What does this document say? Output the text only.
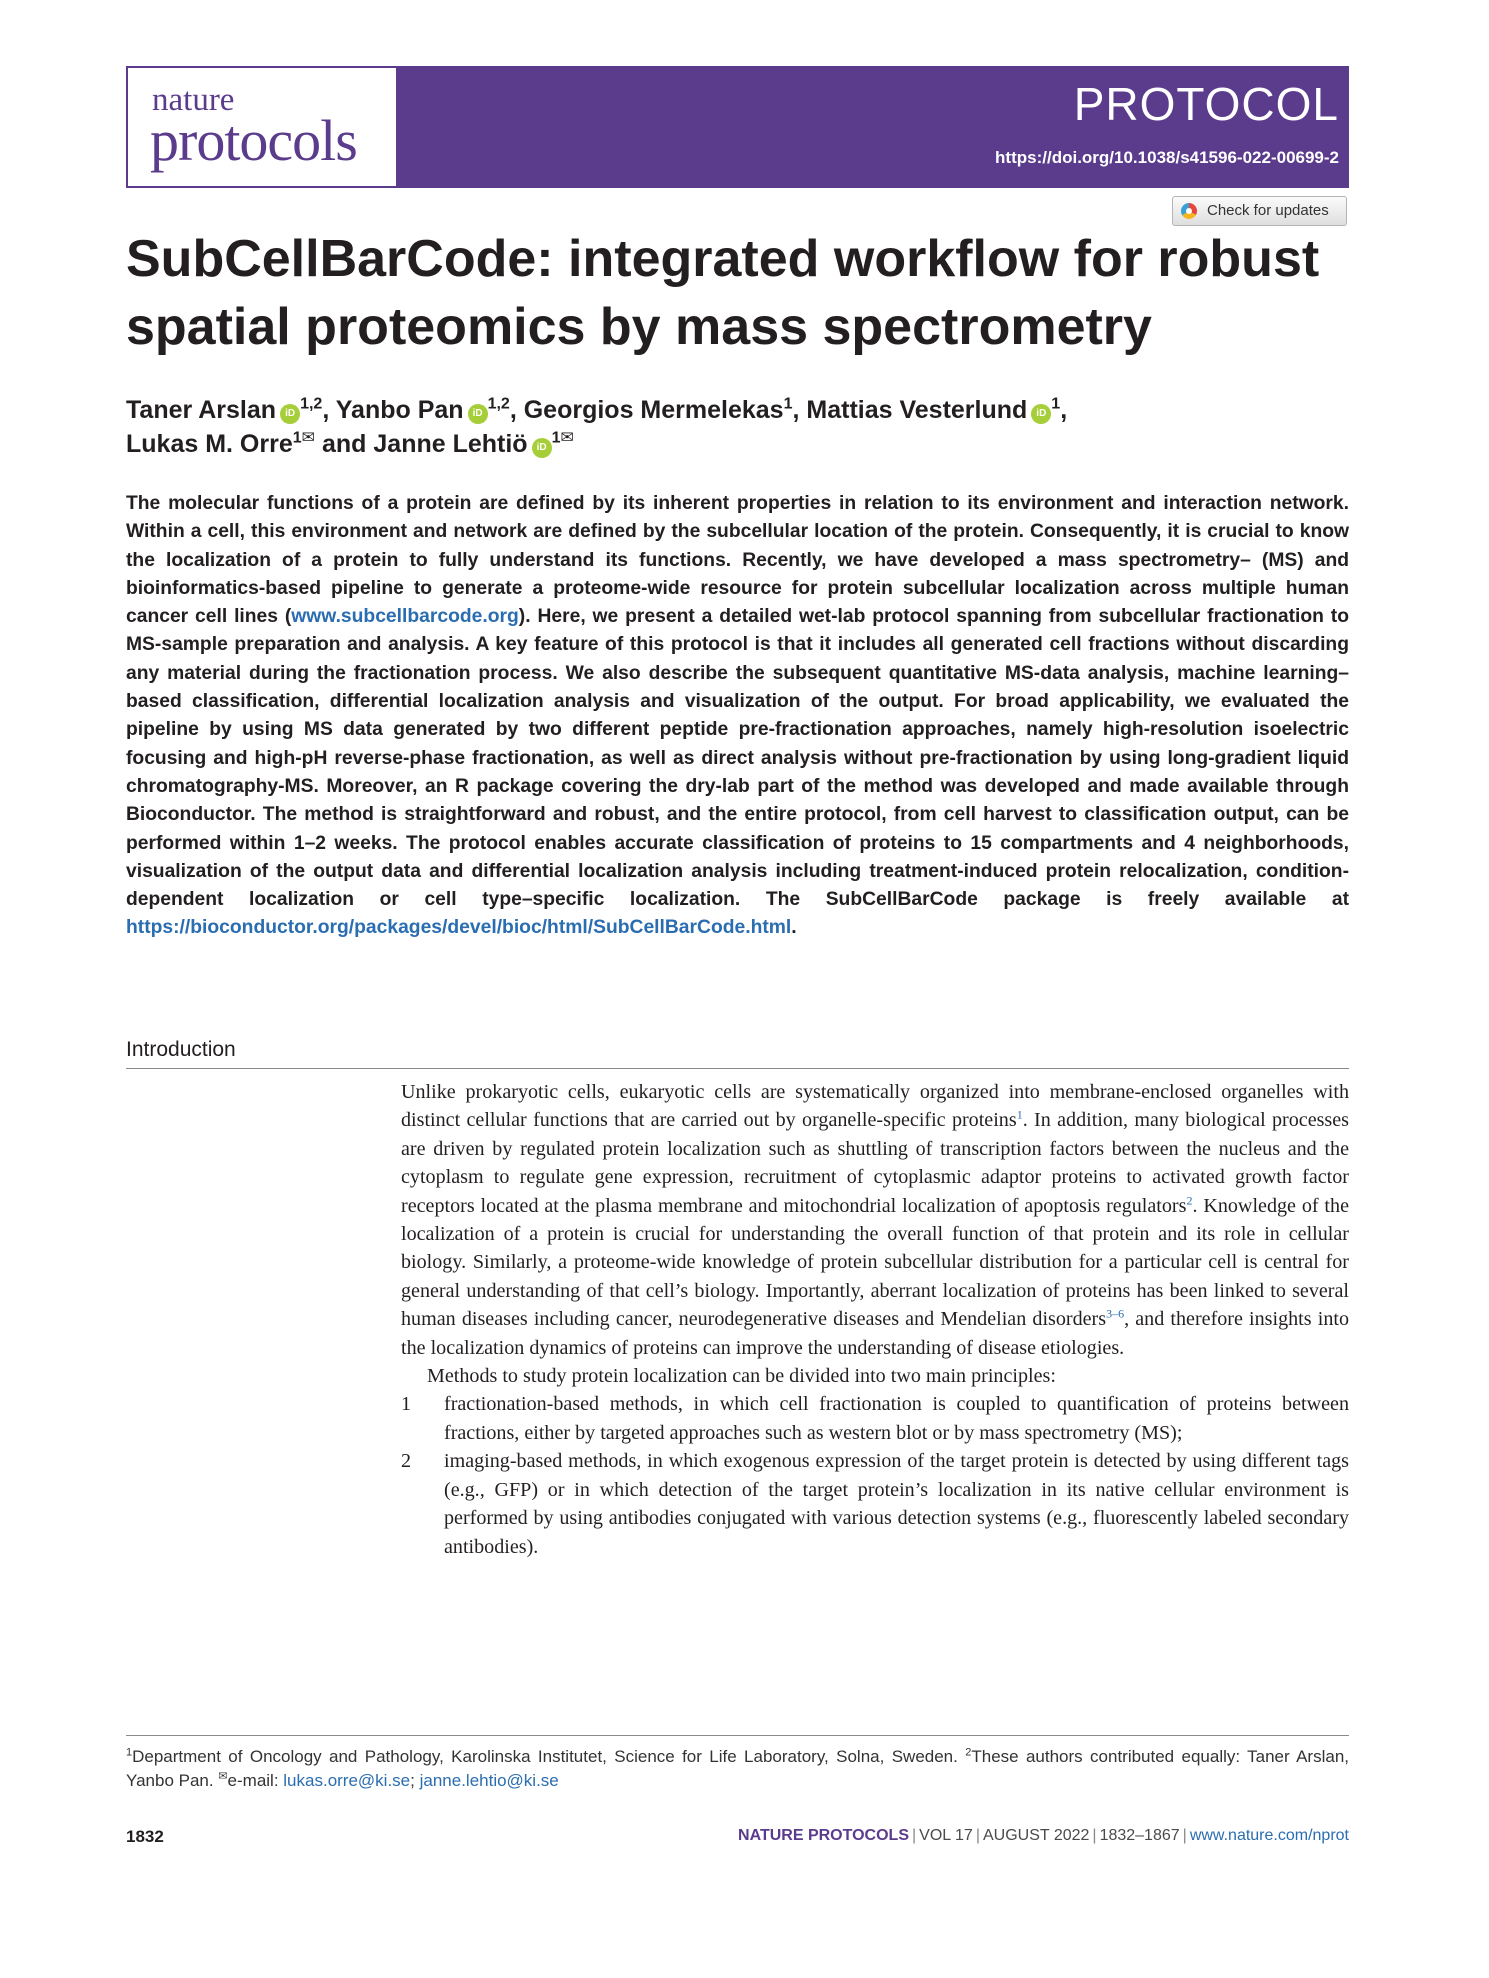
nature
protocols
PROTOCOL
https://doi.org/10.1038/s41596-022-00699-2
Check for updates
SubCellBarCode: integrated workflow for robust spatial proteomics by mass spectrometry
Taner Arslan iD$^{1,2}$, Yanbo Pan iD$^{1,2}$, Georgios Mermelekas$^1$, Mattias Vesterlund $iD^1$,
Lukas M. Orre$^{1✉}$ and Janne Lehtiö $iD^{1✉}$

The molecular functions of a protein are defined by its inherent properties in relation to its environment and interaction network. Within a cell, this environment and network are defined by the subcellular location of the protein. Consequently, it is crucial to know the localization of a protein to fully understand its functions. Recently, we have developed a mass spectrometry– (MS) and bioinformatics-based pipeline to generate a proteome-wide resource for protein subcellular localization across multiple human cancer cell lines (www.subcellbarcode.org). Here, we present a detailed wet-lab protocol spanning from subcellular fractionation to MS-sample preparation and analysis. A key feature of this protocol is that it includes all generated cell fractions without discarding any material during the fractionation process. We also describe the subsequent quantitative MS-data analysis, machine learning–based classification, differential localization analysis and visualization of the output. For broad applicability, we evaluated the pipeline by using MS data generated by two different peptide pre-fractionation approaches, namely high-resolution isoelectric focusing and high-pH reverse-phase fractionation, as well as direct analysis without pre-fractionation by using long-gradient liquid chromatography-MS. Moreover, an R package covering the dry-lab part of the method was developed and made available through Bioconductor. The method is straightforward and robust, and the entire protocol, from cell harvest to classification output, can be performed within 1–2 weeks. The protocol enables accurate classification of proteins to 15 compartments and 4 neighborhoods, visualization of the output data and differential localization analysis including treatment-induced protein relocalization, condition-dependent localization or cell type–specific localization. The SubCellBarCode package is freely available at https://bioconductor.org/packages/devel/bioc/html/SubCellBarCode.html.

Introduction

Unlike prokaryotic cells, eukaryotic cells are systematically organized into membrane-enclosed organelles with distinct cellular functions that are carried out by organelle-specific proteins$^1$. In addition, many biological processes are driven by regulated protein localization such as shuttling of transcription factors between the nucleus and the cytoplasm to regulate gene expression, recruitment of cytoplasmic adaptor proteins to activated growth factor receptors located at the plasma membrane and mitochondrial localization of apoptosis regulators$^2$. Knowledge of the localization of a protein is crucial for understanding the overall function of that protein and its role in cellular biology. Similarly, a proteome-wide knowledge of protein subcellular distribution for a particular cell is central for general understanding of that cell’s biology. Importantly, aberrant localization of proteins has been linked to several human diseases including cancer, neurodegenerative diseases and Mendelian disorders$^{3-6}$, and therefore insights into the localization dynamics of proteins can improve the understanding of disease etiologies.

Methods to study protein localization can be divided into two main principles:

1 fractionation-based methods, in which cell fractionation is coupled to quantification of proteins between fractions, either by targeted approaches such as western blot or by mass spectrometry (MS);
2 imaging-based methods, in which exogenous expression of the target protein is detected by using different tags (e.g., GFP) or in which detection of the target protein’s localization in its native cellular environment is performed by using antibodies conjugated with various detection systems (e.g., fluorescently labeled secondary antibodies).
$^1$Department of Oncology and Pathology, Karolinska Institutet, Science for Life Laboratory, Solna, Sweden. $^2$These authors contributed equally: Taner Arslan, Yanbo Pan. ✉e-mail: lukas.orre@ki.se; janne.lehtio@ki.se
1832	NATURE PROTOCOLS | VOL 17 | AUGUST 2022 | 1832–1867 | www.nature.com/nprot
